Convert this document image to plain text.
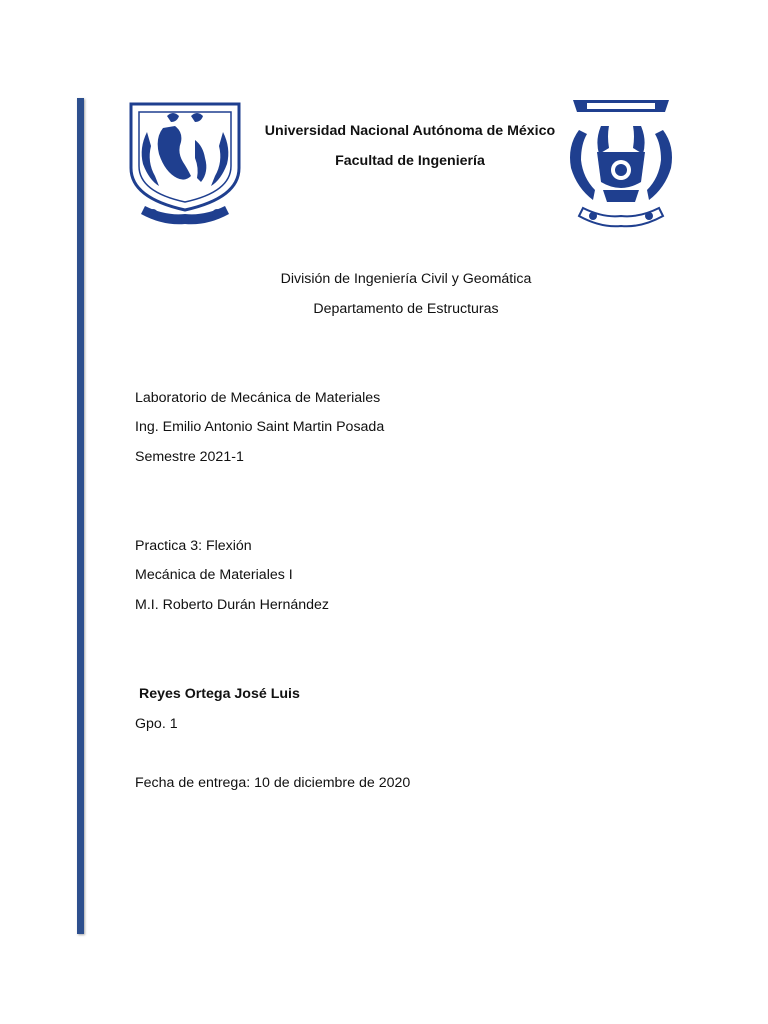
Universidad Nacional Autónoma de México
Facultad de Ingeniería
División de Ingeniería Civil y Geomática
Departamento de Estructuras
Laboratorio de Mecánica de Materiales
Ing. Emilio Antonio Saint Martin Posada
Semestre 2021-1
Practica 3: Flexión
Mecánica de Materiales I
M.I. Roberto Durán Hernández
Reyes Ortega José Luis
Gpo. 1
Fecha de entrega: 10 de diciembre de 2020
